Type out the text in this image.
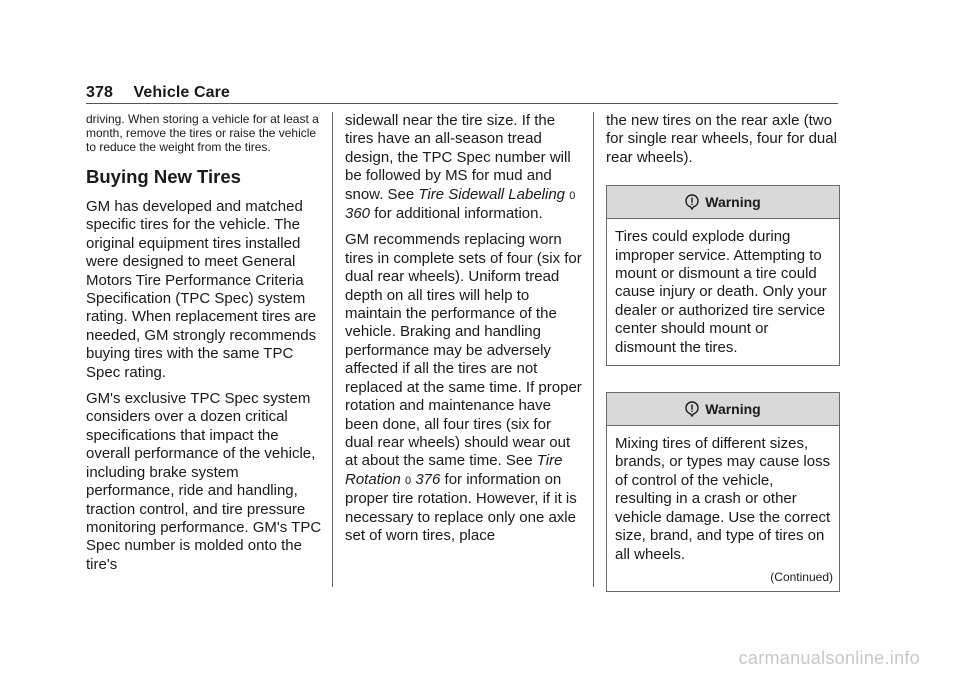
378 Vehicle Care

driving. When storing a vehicle for at least a month, remove the tires or raise the vehicle to reduce the weight from the tires.

Buying New Tires

GM has developed and matched specific tires for the vehicle. The original equipment tires installed were designed to meet General Motors Tire Performance Criteria Specification (TPC Spec) system rating. When replacement tires are needed, GM strongly recommends buying tires with the same TPC Spec rating.

GM's exclusive TPC Spec system considers over a dozen critical specifications that impact the overall performance of the vehicle, including brake system performance, ride and handling, traction control, and tire pressure monitoring performance. GM's TPC Spec number is molded onto the tire's

sidewall near the tire size. If the tires have an all-season tread design, the TPC Spec number will be followed by MS for mud and snow. See Tire Sidewall Labeling 0 360 for additional information.

GM recommends replacing worn tires in complete sets of four (six for dual rear wheels). Uniform tread depth on all tires will help to maintain the performance of the vehicle. Braking and handling performance may be adversely affected if all the tires are not replaced at the same time. If proper rotation and maintenance have been done, all four tires (six for dual rear wheels) should wear out at about the same time. See Tire Rotation 0 376 for information on proper tire rotation. However, if it is necessary to replace only one axle set of worn tires, place

the new tires on the rear axle (two for single rear wheels, four for dual rear wheels).

Warning
Tires could explode during improper service. Attempting to mount or dismount a tire could cause injury or death. Only your dealer or authorized tire service center should mount or dismount the tires.
Warning
Mixing tires of different sizes, brands, or types may cause loss of control of the vehicle, resulting in a crash or other vehicle damage. Use the correct size, brand, and type of tires on all wheels.
(Continued)
carmanualsonline.info
